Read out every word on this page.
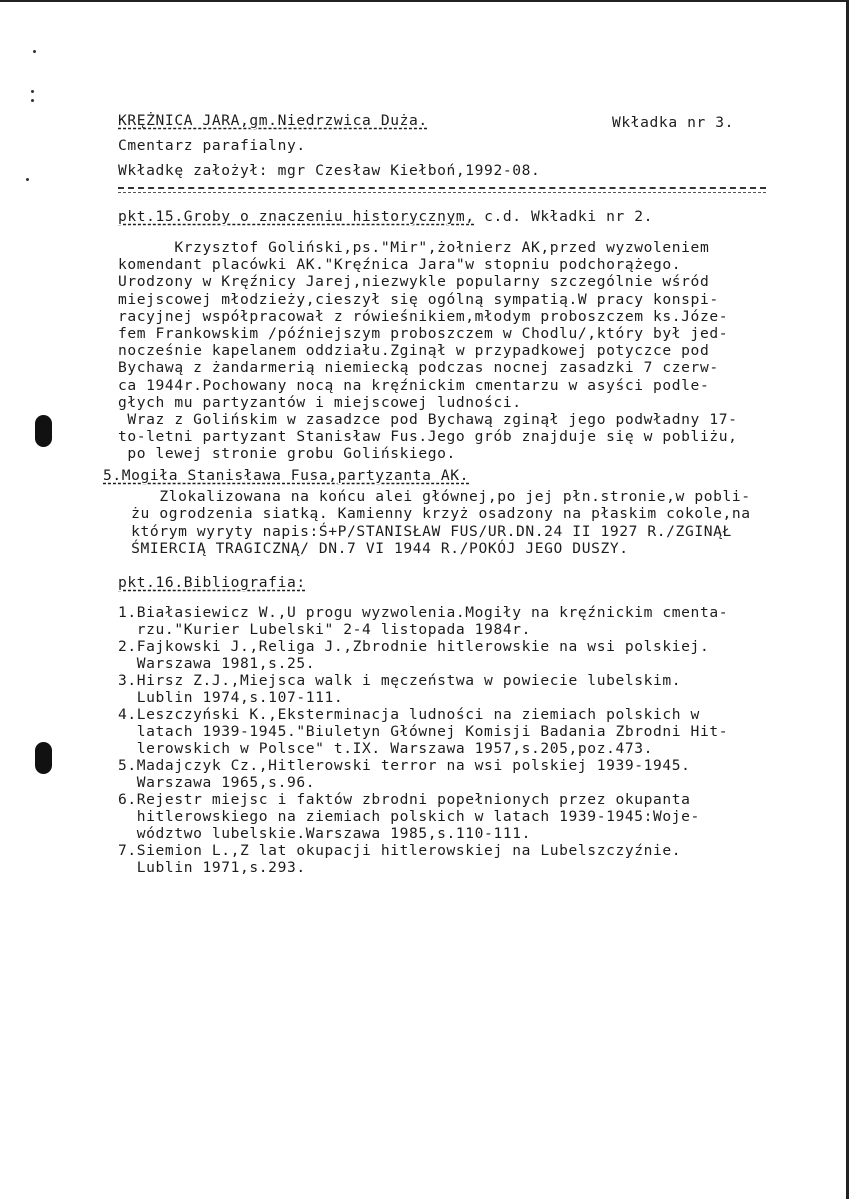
KRĘŻNICA JARA,gm.Niedrzwica Duża.	Wkładka nr 3.
Cmentarz parafialny.
Wkładkę założył: mgr Czesław Kiełboń,1992-08.
pkt.15.Groby o znaczeniu historycznym, c.d. Wkładki nr 2.
Krzysztof Goliński,ps."Mir",żołnierz AK,przed wyzwoleniem
komendant placówki AK."Kręźnica Jara"w stopniu podchorążego.
Urodzony w Kręźnicy Jarej,niezwykle popularny szczególnie wśród
miejscowej młodzieży,cieszył się ogólną sympatią.W pracy konspi-
racyjnej współpracował z rówieśnikiem,młodym proboszczem ks.Józe-
fem Frankowskim /późniejszym proboszczem w Chodlu/,który był jed-
nocześnie kapelanem oddziału.Zginął w przypadkowej potyczce pod
Bychawą z żandarmerią niemiecką podczas nocnej zasadzki 7 czerw-
ca 1944r.Pochowany nocą na kręźnickim cmentarzu w asyści podle-
głych mu partyzantów i miejscowej ludności.
Wraz z Golińskim w zasadzce pod Bychawą zginął jego podwładny 17-
to-letni partyzant Stanisław Fus.Jego grób znajduje się w pobliżu,
po lewej stronie grobu Golińskiego.
5.Mogiła Stanisława Fusa,partyzanta AK.
Zlokalizowana na końcu alei głównej,po jej płn.stronie,w pobli-
żu ogrodzenia siatką. Kamienny krzyż osadzony na płaskim cokole,na
którym wyryty napis:Ś+P/STANISŁAW FUS/UR.DN.24 II 1927 R./ZGINĄŁ
ŚMIERCIĄ TRAGICZNĄ/ DN.7 VI 1944 R./POKÓJ JEGO DUSZY.
pkt.16.Bibliografia:
1.Białasiewicz W.,U progu wyzwolenia.Mogiły na kręźnickim cmenta-
rzu."Kurier Lubelski" 2-4 listopada 1984r.
2.Fajkowski J.,Religa J.,Zbrodnie hitlerowskie na wsi polskiej.
Warszawa 1981,s.25.
3.Hirsz Z.J.,Miejsca walk i męczeństwa w powiecie lubelskim.
Lublin 1974,s.107-111.
4.Leszczyński K.,Eksterminacja ludności na ziemiach polskich w
latach 1939-1945."Biuletyn Głównej Komisji Badania Zbrodni Hit-
lerowskich w Polsce" t.IX. Warszawa 1957,s.205,poz.473.
5.Madajczyk Cz.,Hitlerowski terror na wsi polskiej 1939-1945.
Warszawa 1965,s.96.
6.Rejestr miejsc i faktów zbrodni popełnionych przez okupanta
hitlerowskiego na ziemiach polskich w latach 1939-1945:Woje-
wództwo lubelskie.Warszawa 1985,s.110-111.
7.Siemion L.,Z lat okupacji hitlerowskiej na Lubelszczyźnie.
Lublin 1971,s.293.
